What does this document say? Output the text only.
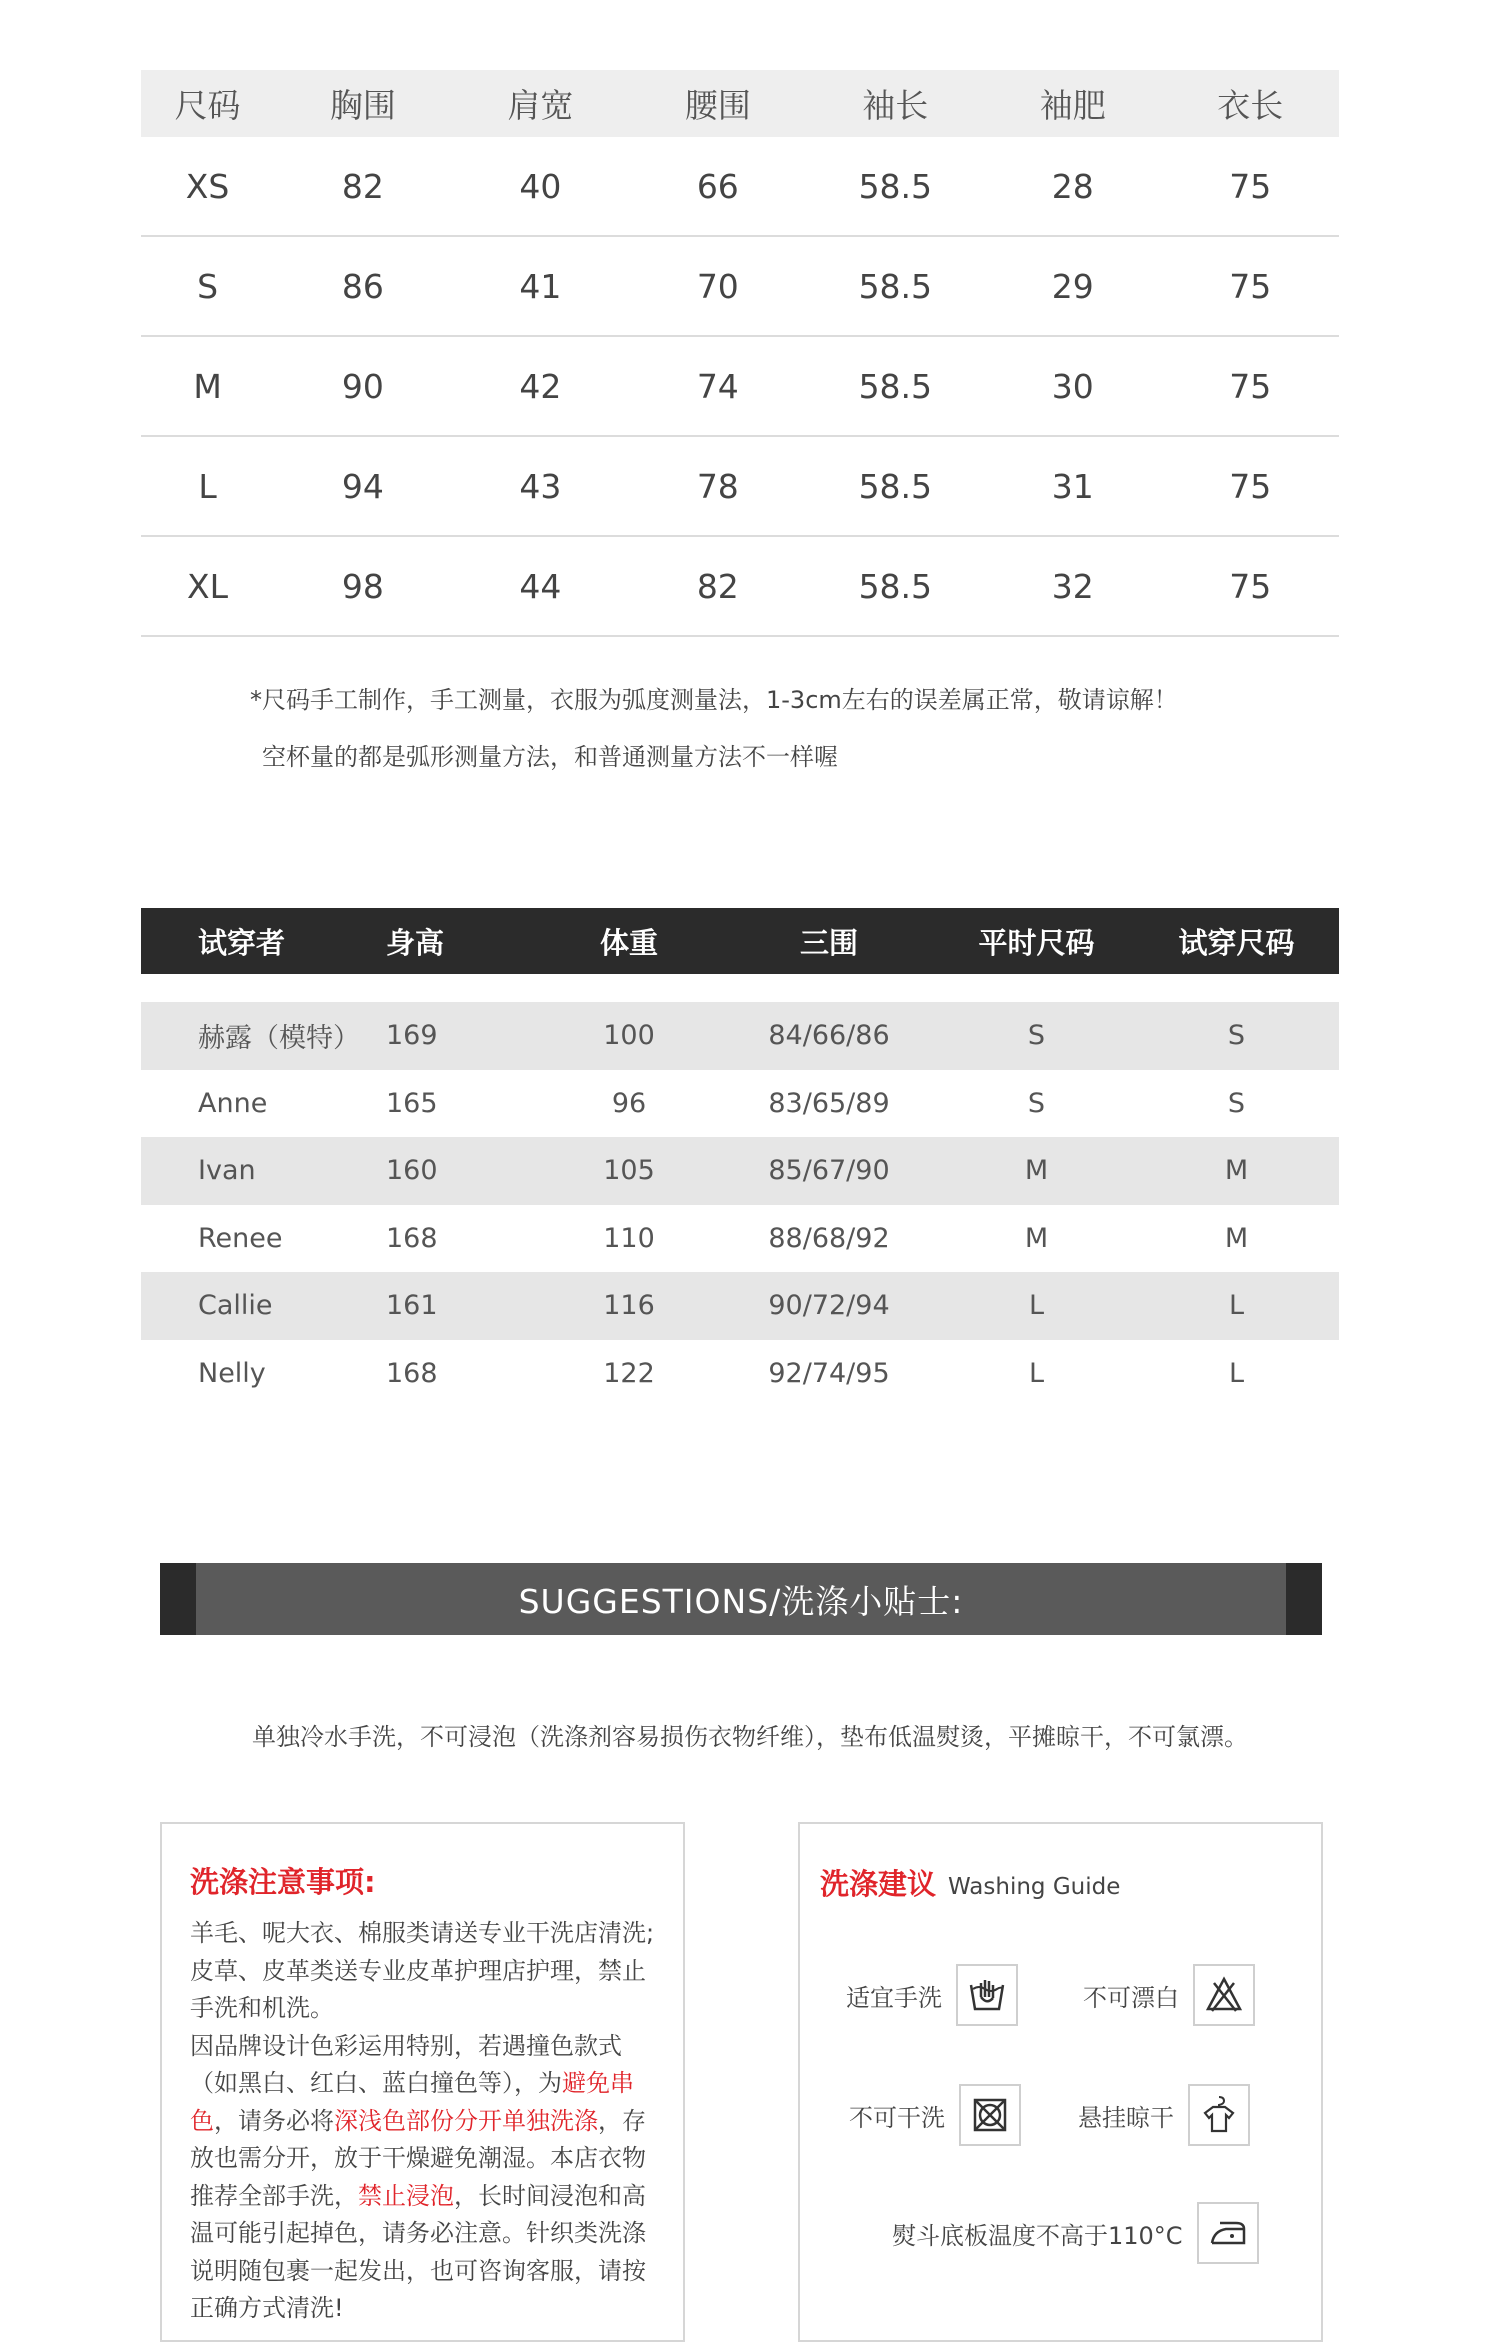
尺码	胸围	肩宽	腰围	袖长	袖肥	衣长
XS	82	40	66	58.5	28	75
S	86	41	70	58.5	29	75
M	90	42	74	58.5	30	75
L	94	43	78	58.5	31	75
XL	98	44	82	58.5	32	75
*尺码手工制作，手工测量，衣服为弧度测量法，1-3cm左右的误差属正常，敬请谅解！
空杯量的都是弧形测量方法，和普通测量方法不一样喔
试穿者	身高	体重	三围	平时尺码	试穿尺码
赫露（模特） 169	100	84/66/86	S	S
Anne	165	96	83/65/89	S	S
Ivan	160	105	85/67/90	M	M
Renee	168	110	88/68/92	M	M
Callie	161	116	90/72/94	L	L
Nelly	168	122	92/74/95	L	L
SUGGESTIONS/洗涤小贴士:
单独冷水手洗，不可浸泡（洗涤剂容易损伤衣物纤维），垫布低温熨烫，平摊晾干，不可氯漂。
洗涤注意事项:
羊毛、呢大衣、棉服类请送专业干洗店清洗;皮草、皮革类送专业皮革护理店护理，禁止手洗和机洗。
因品牌设计色彩运用特别，若遇撞色款式（如黑白、红白、蓝白撞色等），为避免串色，请务必将深浅色部份分开单独洗涤，存放也需分开，放于干燥避免潮湿。本店衣物推荐全部手洗，禁止浸泡，长时间浸泡和高温可能引起掉色，请务必注意。针织类洗涤说明随包裹一起发出，也可咨询客服，请按正确方式清洗!
洗涤建议 Washing Guide
适宜手洗	不可漂白
不可干洗	悬挂晾干
熨斗底板温度不高于110°C
